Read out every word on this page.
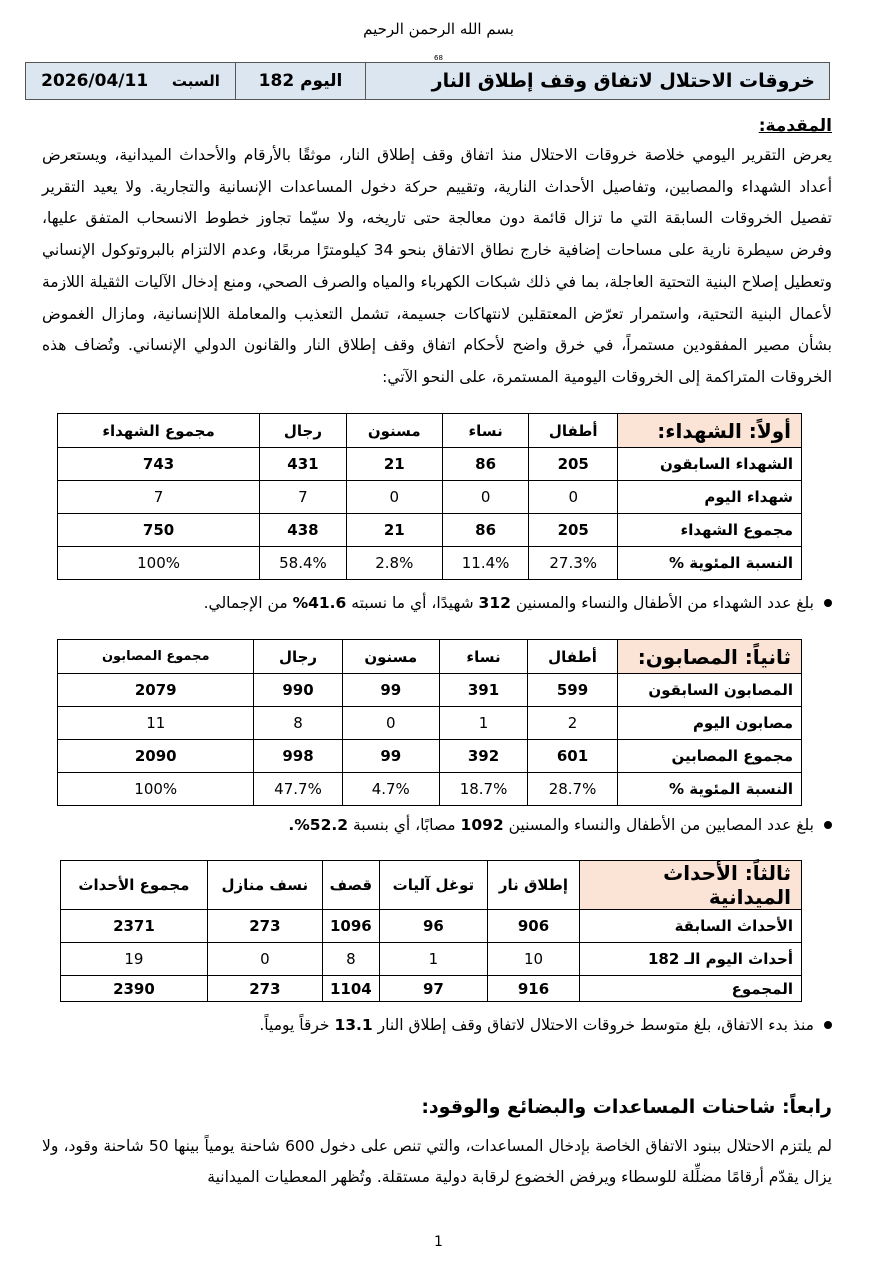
بسم الله الرحمن الرحيم
68
خروقات الاحتلال لاتفاق وقف إطلاق النار	اليوم 182	السبت    2026/04/11
المقدمة:
يعرض التقرير اليومي خلاصة خروقات الاحتلال منذ اتفاق وقف إطلاق النار، موثقًا بالأرقام والأحداث الميدانية، ويستعرض أعداد الشهداء والمصابين، وتفاصيل الأحداث النارية، وتقييم حركة دخول المساعدات الإنسانية والتجارية. ولا يعيد التقرير تفصيل الخروقات السابقة التي ما تزال قائمة دون معالجة حتى تاريخه، ولا سيّما تجاوز خطوط الانسحاب المتفق عليها، وفرض سيطرة نارية على مساحات إضافية خارج نطاق الاتفاق بنحو 34 كيلومترًا مربعًا، وعدم الالتزام بالبروتوكول الإنساني وتعطيل إصلاح البنية التحتية العاجلة، بما في ذلك شبكات الكهرباء والمياه والصرف الصحي، ومنع إدخال الآليات الثقيلة اللازمة لأعمال البنية التحتية، واستمرار تعرّض المعتقلين لانتهاكات جسيمة، تشمل التعذيب والمعاملة اللاإنسانية، ومازال الغموض بشأن مصير المفقودين مستمراً، في خرق واضح لأحكام اتفاق وقف إطلاق النار والقانون الدولي الإنساني. وتُضاف هذه الخروقات المتراكمة إلى الخروقات اليومية المستمرة، على النحو الآتي:
أولاً: الشهداء:	أطفال	نساء	مسنون	رجال	مجموع الشهداء
الشهداء السابقون	205	86	21	431	743
شهداء اليوم	0	0	0	7	7
مجموع الشهداء	205	86	21	438	750
النسبة المئوية %	27.3%	11.4%	2.8%	58.4%	100%
بلغ عدد الشهداء من الأطفال والنساء والمسنين 312 شهيدًا، أي ما نسبته 41.6% من الإجمالي.
ثانياً: المصابون:	أطفال	نساء	مسنون	رجال	مجموع المصابون
المصابون السابقون	599	391	99	990	2079
مصابون اليوم	2	1	0	8	11
مجموع المصابين	601	392	99	998	2090
النسبة المئوية %	28.7%	18.7%	4.7%	47.7%	100%
بلغ عدد المصابين من الأطفال والنساء والمسنين 1092 مصابًا، أي بنسبة 52.2%.
ثالثاً: الأحداث الميدانية	إطلاق نار	توغل آليات	قصف	نسف منازل	مجموع الأحداث
الأحداث السابقة	906	96	1096	273	2371
أحداث اليوم الـ 182	10	1	8	0	19
المجموع	916	97	1104	273	2390
منذ بدء الاتفاق، بلغ متوسط خروقات الاحتلال لاتفاق وقف إطلاق النار 13.1 خرقاً يومياً.
رابعاً: شاحنات المساعدات والبضائع والوقود:
لم يلتزم الاحتلال ببنود الاتفاق الخاصة بإدخال المساعدات، والتي تنص على دخول 600 شاحنة يومياً بينها 50 شاحنة وقود، ولا يزال يقدّم أرقامًا مضلِّلة للوسطاء ويرفض الخضوع لرقابة دولية مستقلة. وتُظهر المعطيات الميدانية
1
